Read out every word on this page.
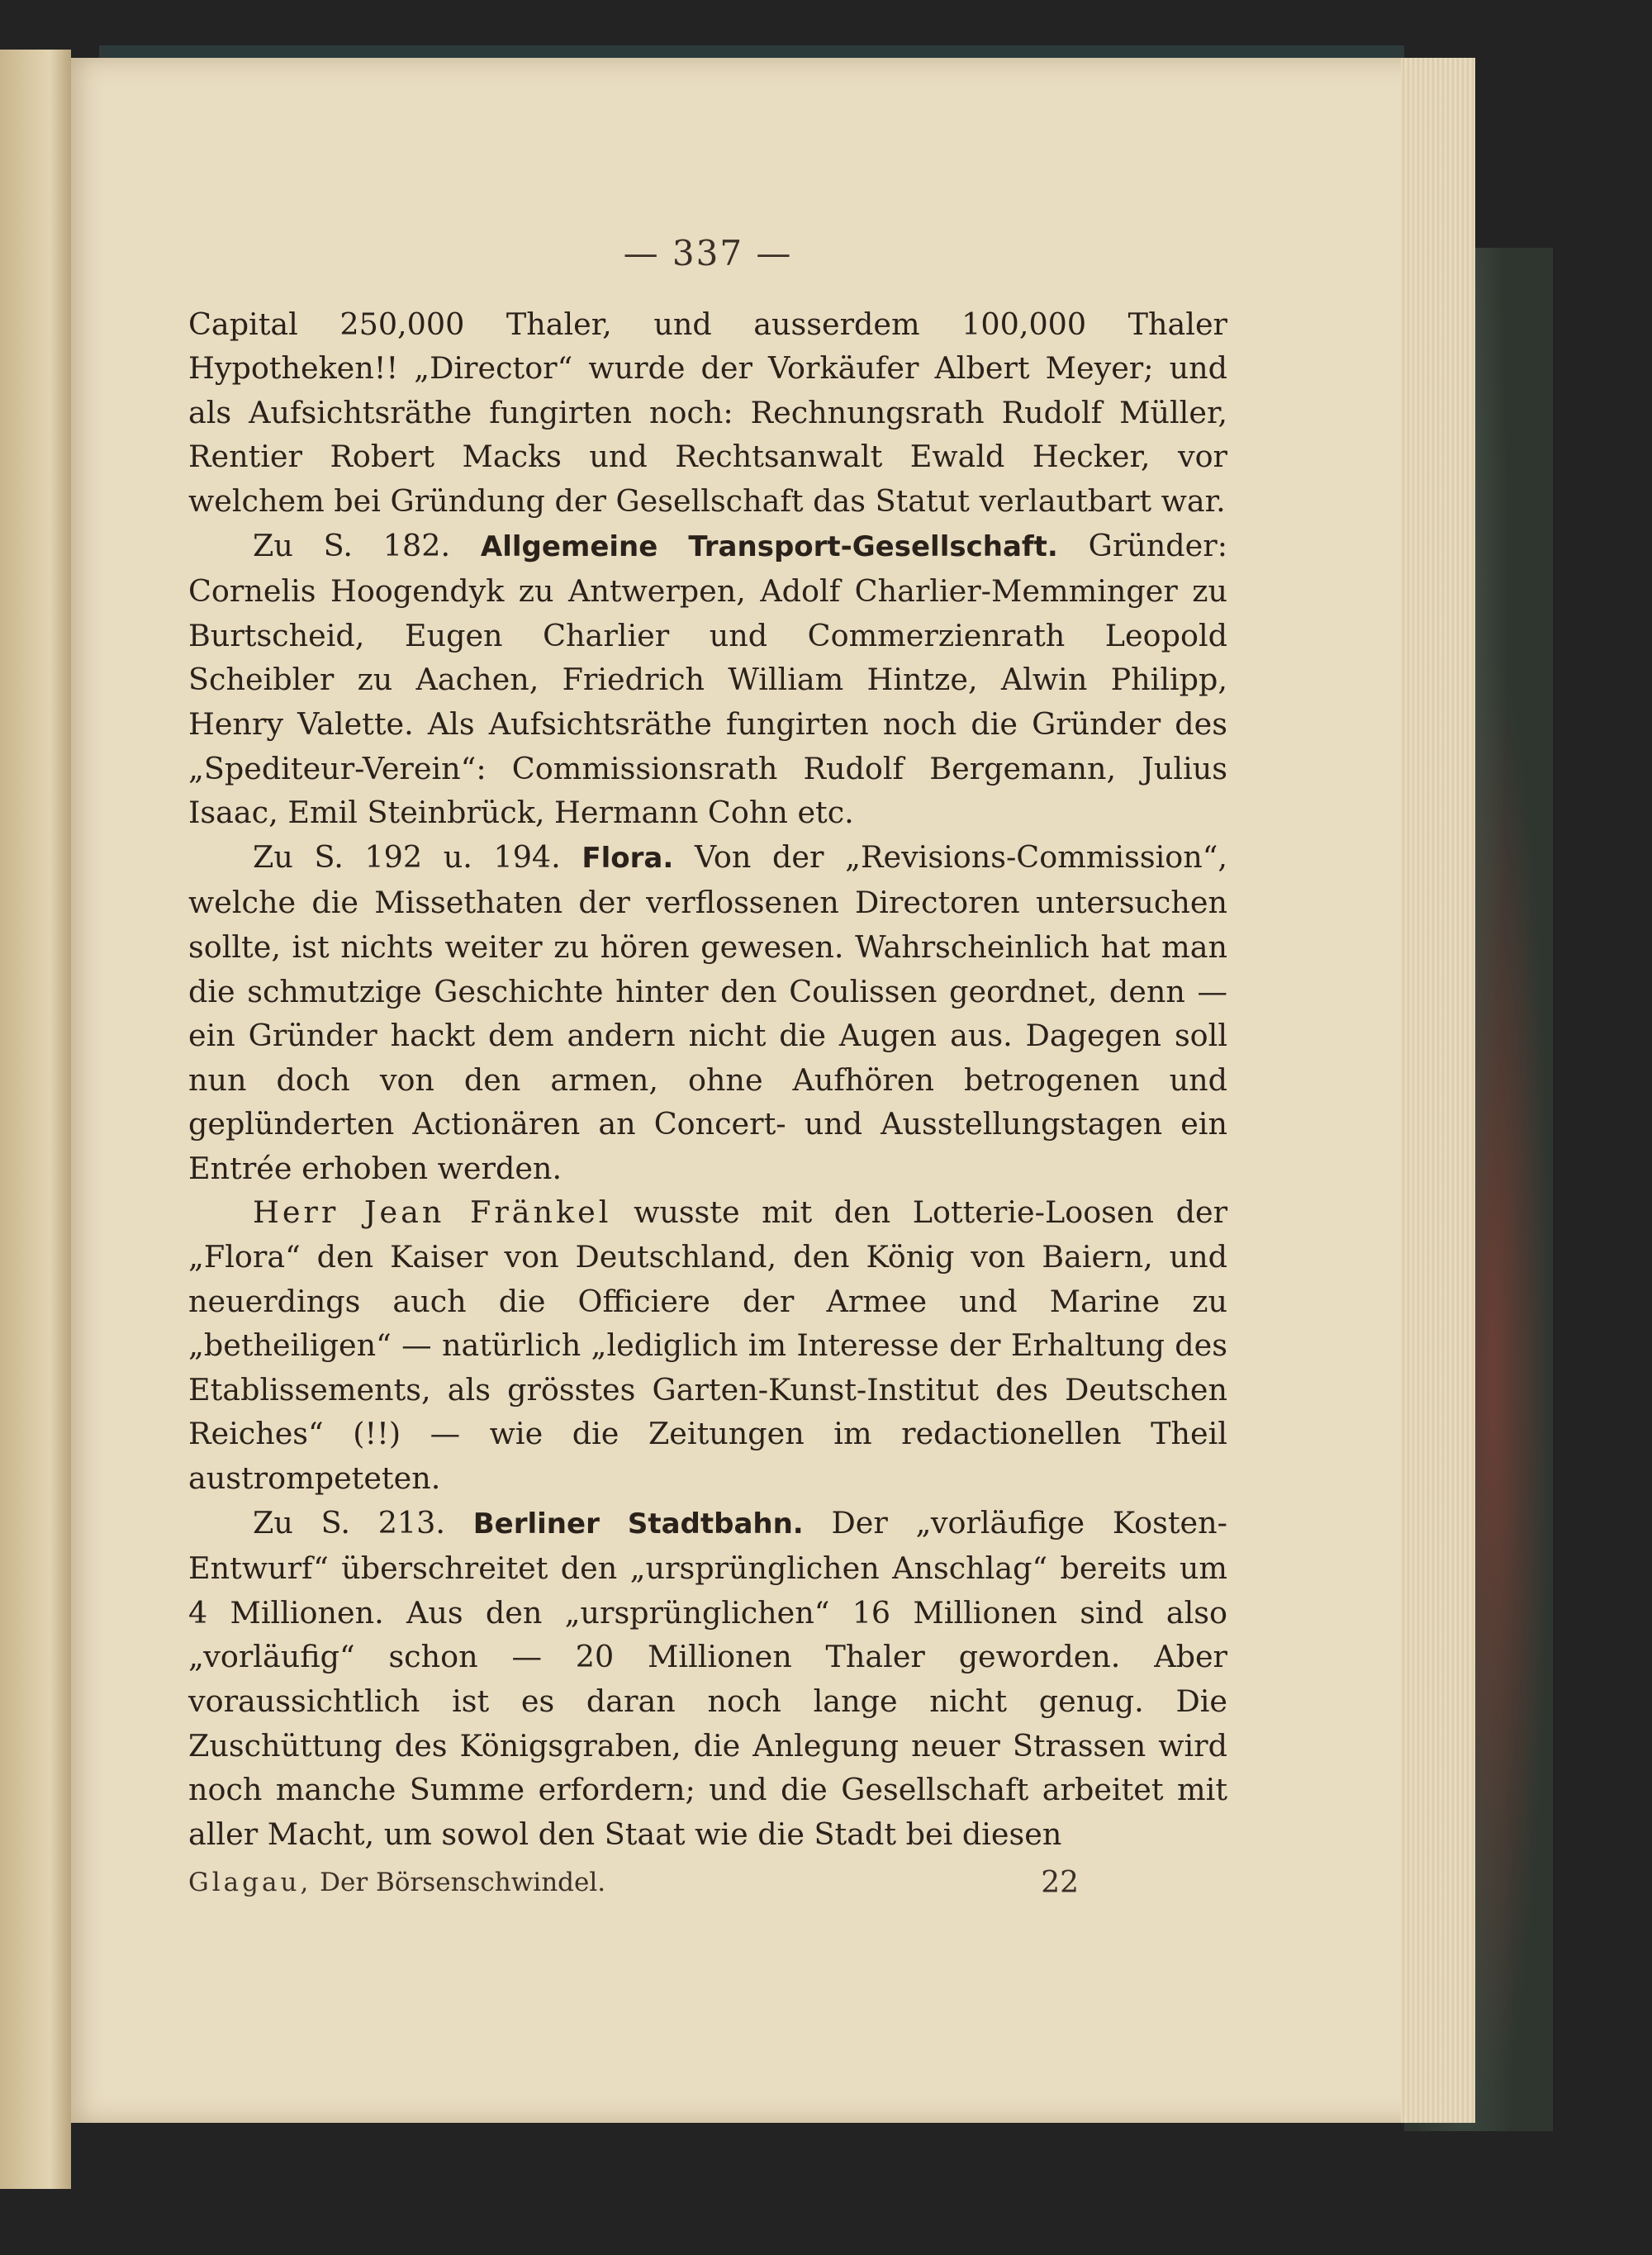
— 337 —

Capital 250,000 Thaler, und ausserdem 100,000 Thaler Hypotheken!! „Director“ wurde der Vorkäufer Albert Meyer; und als Aufsichtsräthe fungirten noch: Rechnungsrath Rudolf Müller, Rentier Robert Macks und Rechtsanwalt Ewald Hecker, vor welchem bei Gründung der Gesellschaft das Statut verlautbart war.

Zu S. 182. Allgemeine Transport-Gesellschaft. Gründer: Cornelis Hoogendyk zu Antwerpen, Adolf Charlier-Memminger zu Burtscheid, Eugen Charlier und Commerzienrath Leopold Scheibler zu Aachen, Friedrich William Hintze, Alwin Philipp, Henry Valette. Als Aufsichtsräthe fungirten noch die Gründer des „Spediteur-Verein“: Commissionsrath Rudolf Bergemann, Julius Isaac, Emil Steinbrück, Hermann Cohn etc.

Zu S. 192 u. 194. Flora. Von der „Revisions-Commission“, welche die Missethaten der verflossenen Directoren untersuchen sollte, ist nichts weiter zu hören gewesen. Wahrscheinlich hat man die schmutzige Geschichte hinter den Coulissen geordnet, denn — ein Gründer hackt dem andern nicht die Augen aus. Dagegen soll nun doch von den armen, ohne Aufhören betrogenen und geplünderten Actionären an Concert- und Ausstellungstagen ein Entrée erhoben werden.

Herr Jean Fränkel wusste mit den Lotterie-Loosen der „Flora“ den Kaiser von Deutschland, den König von Baiern, und neuerdings auch die Officiere der Armee und Marine zu „betheiligen“ — natürlich „lediglich im Interesse der Erhaltung des Etablissements, als grösstes Garten-Kunst-Institut des Deutschen Reiches“ (!!) — wie die Zeitungen im redactionellen Theil austrompeteten.

Zu S. 213. Berliner Stadtbahn. Der „vorläufige Kosten-Entwurf“ überschreitet den „ursprünglichen Anschlag“ bereits um 4 Millionen. Aus den „ursprünglichen“ 16 Millionen sind also „vorläufig“ schon — 20 Millionen Thaler geworden. Aber voraussichtlich ist es daran noch lange nicht genug. Die Zuschüttung des Königsgraben, die Anlegung neuer Strassen wird noch manche Summe erfordern; und die Gesellschaft arbeitet mit aller Macht, um sowol den Staat wie die Stadt bei diesen

Glagau, Der Börsenschwindel.	22
